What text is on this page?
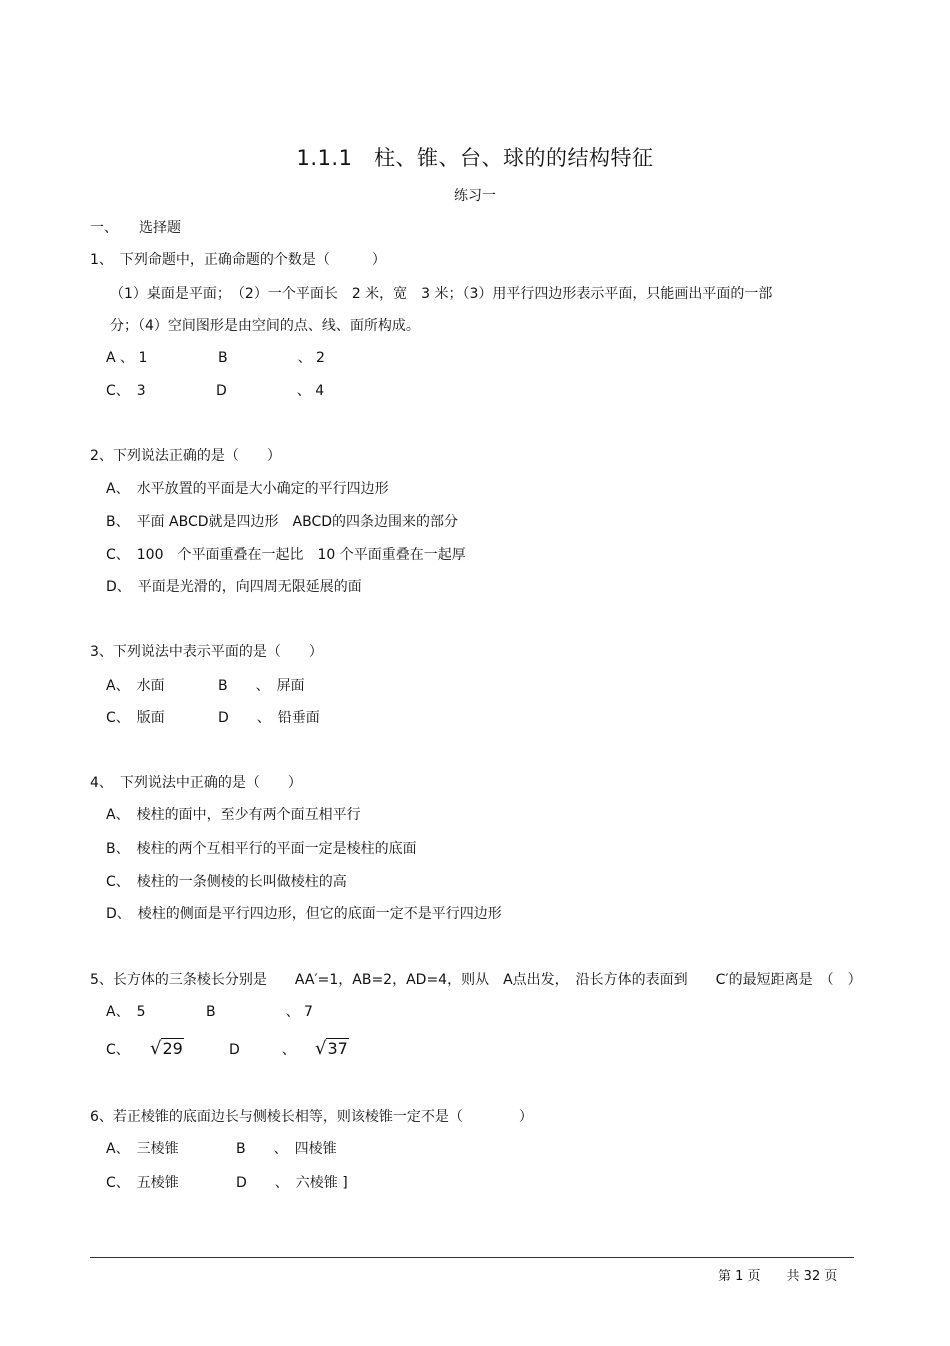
1.1.1　柱、锥、台、球的的结构特征
练习一
一、　　选择题
1、　下列命题中，正确命题的个数是（　　　）
（1）桌面是平面；　（2）一个平面长　2 米，宽　3 米；（3）用平行四边形表示平面，只能画出平面的一部
分；（4）空间图形是由空间的点、线、面所构成。
A 、 1	B　　　　　、 2
C、　3	D　　　　　、 4
2、下列说法正确的是（　　）
A、　水平放置的平面是大小确定的平行四边形
B、　平面 ABCD就是四边形　ABCD的四条边围来的部分
C、　100　个平面重叠在一起比　10 个平面重叠在一起厚
D、　平面是光滑的，向四周无限延展的面
3、下列说法中表示平面的是（　　）
A、　水面	B　　、　屏面
C、　版面	D　　、　铅垂面
4、　下列说法中正确的是（　　）
A、　棱柱的面中，至少有两个面互相平行
B、　棱柱的两个互相平行的平面一定是棱柱的底面
C、　棱柱的一条侧棱的长叫做棱柱的高
D、　棱柱的侧面是平行四边形，但它的底面一定不是平行四边形
5、长方体的三条棱长分别是　　AA′=1，AB=2，AD=4，则从　A点出发，　沿长方体的表面到　　C′的最短距离是　（　）
A、　5	B　　　　　、 7
C、 √29	D　　　、 √37
6、若正棱锥的底面边长与侧棱长相等，则该棱锥一定不是（　　　　）
A、　三棱锥	B　　、　四棱锥
C、　五棱锥	D　　、　六棱锥 ]
第 1 页　　共 32 页
